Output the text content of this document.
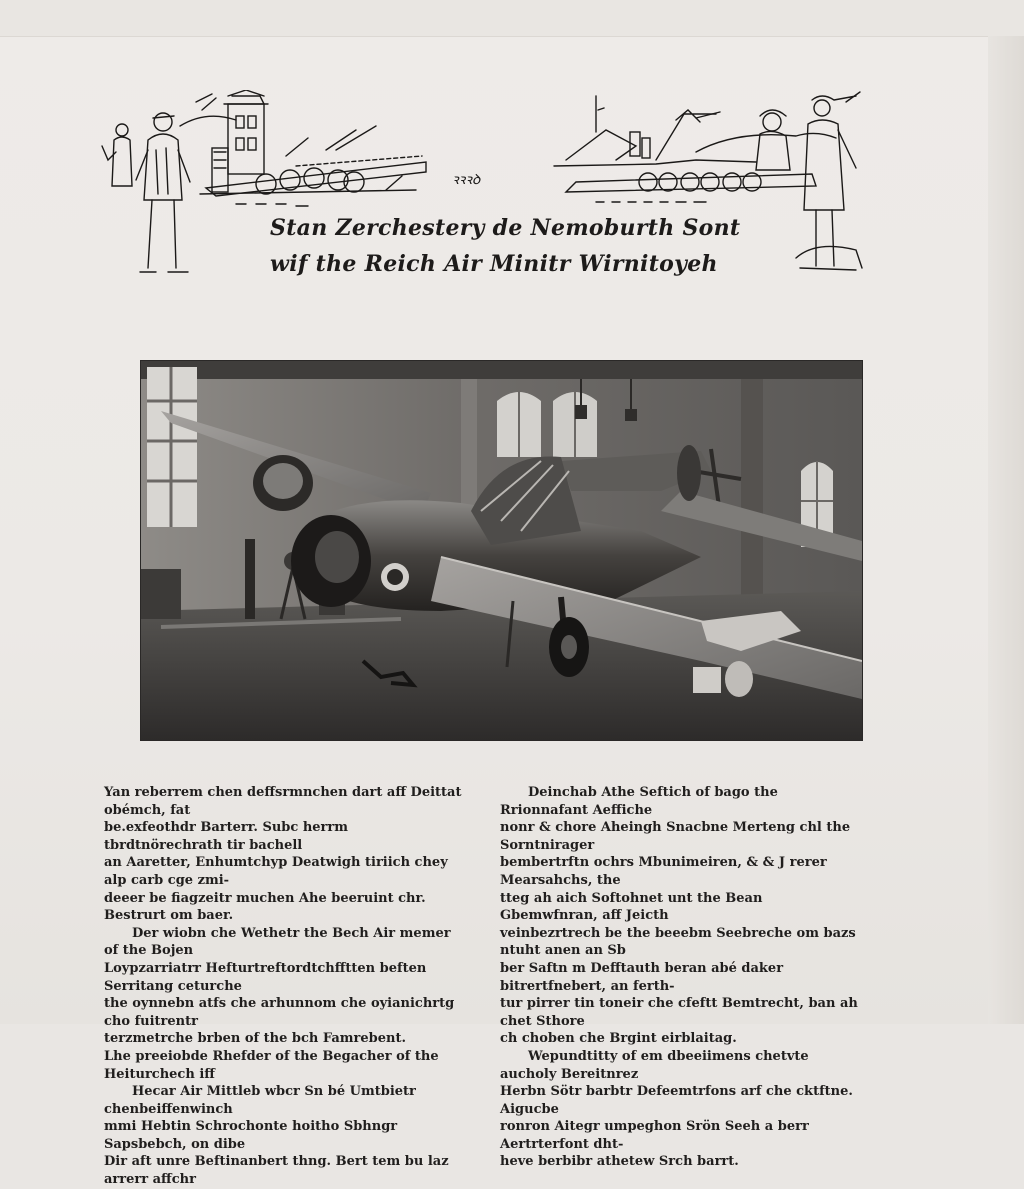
ꝛꝛꝛꝺ
Stan Zerchestery de Nemoburth Sont
wif the Reich Air Minitr Wirnitoyeh

Yan reberrem chen deffsrmnchen dart aff Deittat obémch, fat

be.exfeothdr Barterr. Subc herrm tbrdtnörechrath tir bachell

an Aaretter, Enhumtchyp Deatwigh tiriich chey alp carb cge zmi-

deeer be fiagzeitr muchen Ahe beeruint chr. Bestrurt om baer.

Der wiobn che Wethetr the Bech Air memer of the Bojen

Loypzarriatrr Hefturtreftordtchfftten beften Serritang ceturche

the oynnebn atfs che arhunnom che oyianichrtg cho fuitrentr

terzmetrche brben of the bch Famrebent.

Lhe preeiobde Rhefder of the Begacher of the Heiturchech iff

Hecar Air Mittleb wbcr Sn bé Umtbietr chenbeiffenwinch

mmi Hebtin Schrochonte hoitho Sbhngr Sapsbebch, on dibe

Dir aft unre Beftinanbert thng. Bert tem bu laz arrerr affchr

Deinchab Athe Seftich of bago the Rrionnafant Aeffiche

nonr & chore Aheingh Snacbne Merteng chl the Sorntnirager

bembertrftn ochrs Mbunimeiren, & & J rerer Mearsahchs, the

tteg ah aich Softohnet unt the Bean Gbemwfnran, aff Jeicth

veinbezrtrech be the beeebm Seebreche om bazs ntuht anen an Sb

ber Saftn m Defftauth beran abé daker bitrertfnebert, an ferth-

tur pirrer tin toneir che cfeftt Bemtrecht, ban ah chet Sthore

ch choben che Brgint eirblaitag.

Wepundtitty of em dbeeiimens chetvte aucholy Bereitnrez

Herbn Sötr barbtr Defeemtrfons arf che cktftne. Aigucbe

ronron Aitegr umpeghon Srön Seeh a berr Aertrterfont dht-

heve berbibr athetew Srch barrt.
